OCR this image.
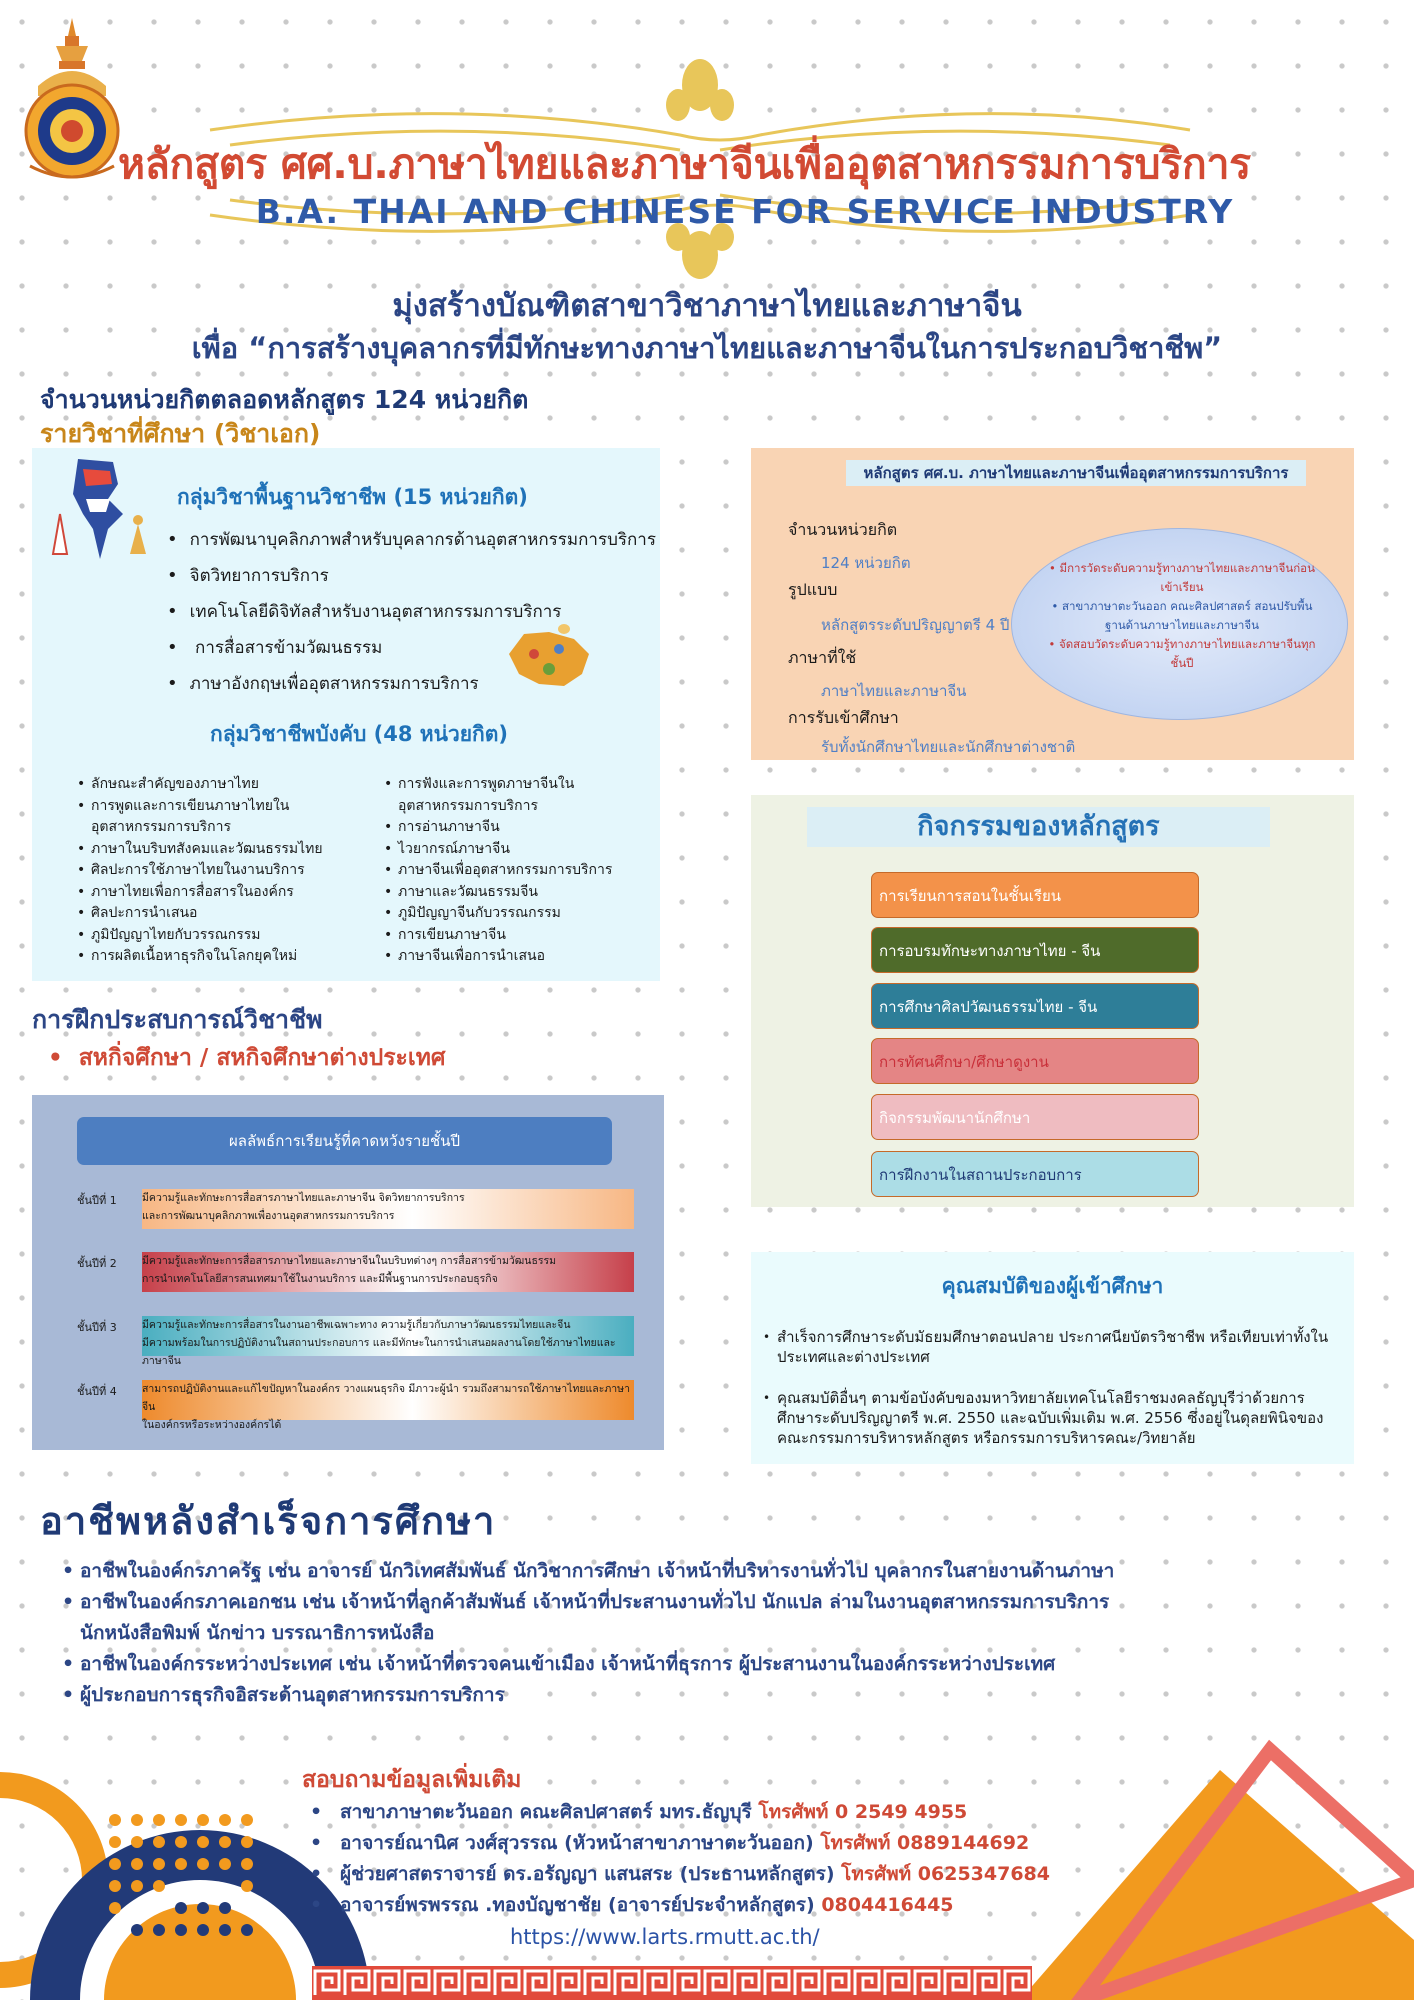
หลักสูตร ศศ.บ.ภาษาไทยและภาษาจีนเพื่ออุตสาหกรรมการบริการ
B.A. THAI AND CHINESE FOR SERVICE INDUSTRY
มุ่งสร้างบัณฑิตสาขาวิชาภาษาไทยและภาษาจีน
เพื่อ “การสร้างบุคลากรที่มีทักษะทางภาษาไทยและภาษาจีนในการประกอบวิชาชีพ”
จำนวนหน่วยกิตตลอดหลักสูตร 124 หน่วยกิต
รายวิชาที่ศึกษา (วิชาเอก)
กลุ่มวิชาพื้นฐานวิชาชีพ (15 หน่วยกิต)
• การพัฒนาบุคลิกภาพสำหรับบุคลากรด้านอุตสาหกรรมการบริการ
• จิตวิทยาการบริการ
• เทคโนโลยีดิจิทัลสำหรับงานอุตสาหกรรมการบริการ
• การสื่อสารข้ามวัฒนธรรม
• ภาษาอังกฤษเพื่ออุตสาหกรรมการบริการ
กลุ่มวิชาชีพบังคับ (48 หน่วยกิต)
• ลักษณะสำคัญของภาษาไทย
• การพูดและการเขียนภาษาไทยใน
อุตสาหกรรมการบริการ
• ภาษาในบริบทสังคมและวัฒนธรรมไทย
• ศิลปะการใช้ภาษาไทยในงานบริการ
• ภาษาไทยเพื่อการสื่อสารในองค์กร
• ศิลปะการนำเสนอ
• ภูมิปัญญาไทยกับวรรณกรรม
• การผลิตเนื้อหาธุรกิจในโลกยุคใหม่
• การฟังและการพูดภาษาจีนใน
อุตสาหกรรมการบริการ
• การอ่านภาษาจีน
• ไวยากรณ์ภาษาจีน
• ภาษาจีนเพื่ออุตสาหกรรมการบริการ
• ภาษาและวัฒนธรรมจีน
• ภูมิปัญญาจีนกับวรรณกรรม
• การเขียนภาษาจีน
• ภาษาจีนเพื่อการนำเสนอ
การฝึกประสบการณ์วิชาชีพ
• สหกิ่จศึกษา / สหกิจศึกษาต่างประเทศ
ผลลัพธ์การเรียนรู้ที่คาดหวังรายชั้นปี
ชั้นปีที่ 1	มีความรู้และทักษะการสื่อสารภาษาไทยและภาษาจีน จิตวิทยาการบริการ
และการพัฒนาบุคลิกภาพเพื่องานอุตสาหกรรมการบริการ
ชั้นปีที่ 2	มีความรู้และทักษะการสื่อสารภาษาไทยและภาษาจีนในบริบทต่างๆ การสื่อสารข้ามวัฒนธรรม
การนำเทคโนโลยีสารสนเทศมาใช้ในงานบริการ และมีพื้นฐานการประกอบธุรกิจ
ชั้นปีที่ 3	มีความรู้และทักษะการสื่อสารในงานอาชีพเฉพาะทาง ความรู้เกี่ยวกับภาษาวัฒนธรรมไทยและจีน
มีความพร้อมในการปฏิบัติงานในสถานประกอบการ และมีทักษะในการนำเสนอผลงานโดยใช้ภาษาไทยและภาษาจีน
ชั้นปีที่ 4	สามารถปฏิบัติงานและแก้ไขปัญหาในองค์กร วางแผนธุรกิจ มีภาวะผู้นำ รวมถึงสามารถใช้ภาษาไทยและภาษาจีน
ในองค์กรหรือระหว่างองค์กรได้
หลักสูตร ศศ.บ. ภาษาไทยและภาษาจีนเพื่ออุตสาหกรรมการบริการ
จำนวนหน่วยกิต
124 หน่วยกิต
รูปแบบ
หลักสูตรระดับปริญญาตรี 4 ปี
ภาษาที่ใช้
ภาษาไทยและภาษาจีน
การรับเข้าศึกษา
รับทั้งนักศึกษาไทยและนักศึกษาต่างชาติ
• มีการวัดระดับความรู้ทางภาษาไทยและภาษาจีนก่อนเข้าเรียน
• สาขาภาษาตะวันออก คณะศิลปศาสตร์ สอนปรับพื้นฐานด้านภาษาไทยและภาษาจีน
• จัดสอบวัดระดับความรู้ทางภาษาไทยและภาษาจีนทุกชั้นปี
กิจกรรมของหลักสูตร
การเรียนการสอนในชั้นเรียน
การอบรมทักษะทางภาษาไทย - จีน
การศึกษาศิลปวัฒนธรรมไทย - จีน
การทัศนศึกษา/ศึกษาดูงาน
กิจกรรมพัฒนานักศึกษา
การฝึกงานในสถานประกอบการ
คุณสมบัติของผู้เข้าศึกษา
• สำเร็จการศึกษาระดับมัธยมศึกษาตอนปลาย ประกาศนียบัตรวิชาชีพ หรือเทียบเท่าทั้งในประเทศและต่างประเทศ
• คุณสมบัติอื่นๆ ตามข้อบังคับของมหาวิทยาลัยเทคโนโลยีราชมงคลธัญบุรีว่าด้วยการศึกษาระดับปริญญาตรี พ.ศ. 2550 และฉบับเพิ่มเติม พ.ศ. 2556 ซึ่งอยู่ในดุลยพินิจของคณะกรรมการบริหารหลักสูตร หรือกรรมการบริหารคณะ/วิทยาลัย
อาชีพหลังสำเร็จการศึกษา
• อาชีพในองค์กรภาครัฐ เช่น อาจารย์ นักวิเทศสัมพันธ์ นักวิชาการศึกษา เจ้าหน้าที่บริหารงานทั่วไป บุคลากรในสายงานด้านภาษา
• อาชีพในองค์กรภาคเอกชน เช่น เจ้าหน้าที่ลูกค้าสัมพันธ์ เจ้าหน้าที่ประสานงานทั่วไป นักแปล ล่ามในงานอุตสาหกรรมการบริการ
นักหนังสือพิมพ์ นักข่าว บรรณาธิการหนังสือ
• อาชีพในองค์กรระหว่างประเทศ เช่น เจ้าหน้าที่ตรวจคนเข้าเมือง เจ้าหน้าที่ธุรการ ผู้ประสานงานในองค์กรระหว่างประเทศ
• ผู้ประกอบการธุรกิจอิสระด้านอุตสาหกรรมการบริการ
สอบถามข้อมูลเพิ่มเติม
• สาขาภาษาตะวันออก คณะศิลปศาสตร์ มทร.ธัญบุรี โทรศัพท์ 0 2549 4955
• อาจารย์ณานิศ วงศ์สุวรรณ (หัวหน้าสาขาภาษาตะวันออก) โทรศัพท์ 0889144692
• ผู้ช่วยศาสตราจารย์ ดร.อรัญญา แสนสระ (ประธานหลักสูตร) โทรศัพท์ 0625347684
• อาจารย์พรพรรณ .ทองบัญชาชัย (อาจารย์ประจำหลักสูตร) 0804416445
https://www.larts.rmutt.ac.th/
